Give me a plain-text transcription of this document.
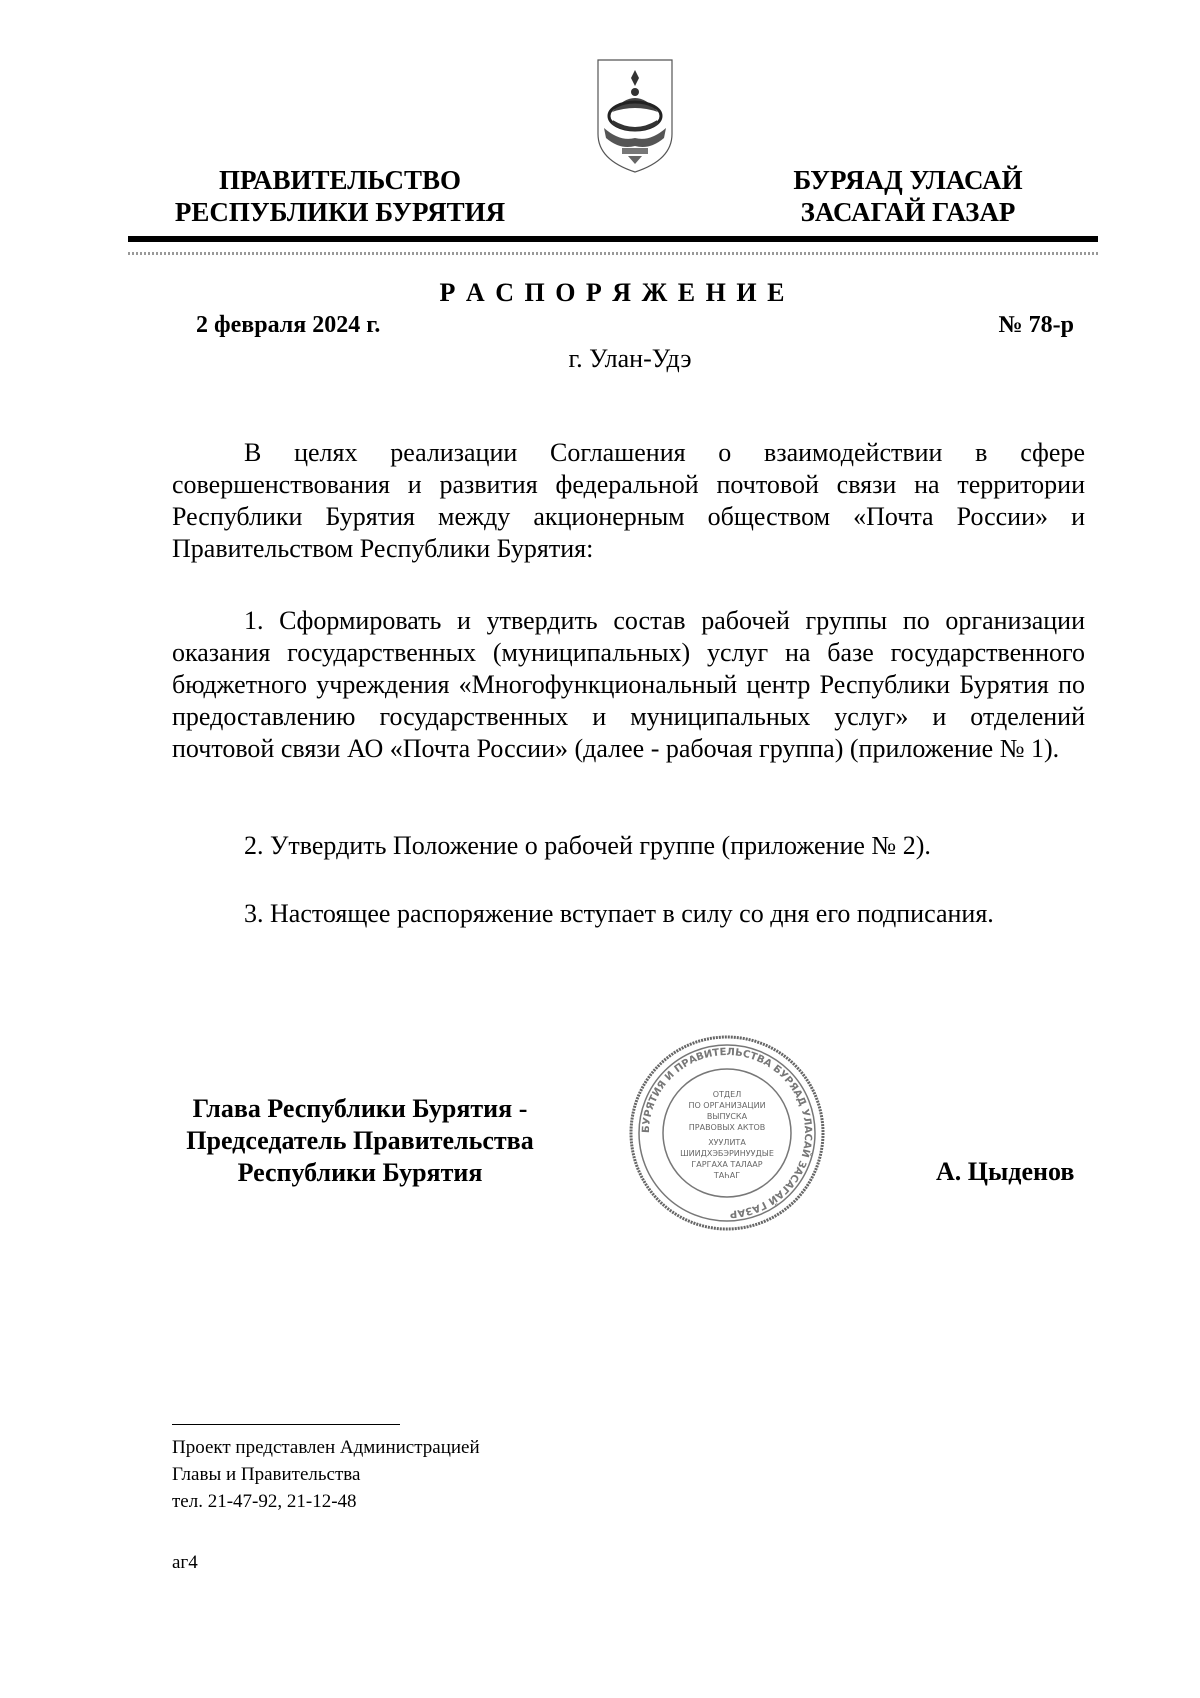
ПРАВИТЕЛЬСТВО
РЕСПУБЛИКИ БУРЯТИЯ
БУРЯАД УЛАСАЙ
ЗАСАГАЙ ГАЗАР
Р А С П О Р Я Ж Е Н И Е
2 февраля 2024 г.	№ 78-р
г. Улан-Удэ

В целях реализации Соглашения о взаимодействии в сфере совершенствования и развития федеральной почтовой связи на территории Республики Бурятия между акционерным обществом «Почта России» и Правительством Республики Бурятия:

1. Сформировать и утвердить состав рабочей группы по организации оказания государственных (муниципальных) услуг на базе государственного бюджетного учреждения «Многофункциональный центр Республики Бурятия по предоставлению государственных и муниципальных услуг» и отделений почтовой связи АО «Почта России» (далее - рабочая группа) (приложение № 1).

2. Утвердить Положение о рабочей группе (приложение № 2).

3. Настоящее распоряжение вступает в силу со дня его подписания.

Глава Республики Бурятия -
Председатель Правительства
Республики Бурятия
БУРЯТИЯ И ПРАВИТЕЛЬСТВА БУРЯАД УЛАСАЙ ЗАСАГАЙ ГАЗАР
ОТДЕЛ
ПО ОРГАНИЗАЦИИ
ВЫПУСКА
ПРАВОВЫХ АКТОВ
ХУУЛИТА
ШИИДХЭБЭРИНУУДЫЕ
ГАРГАХА ТАЛААР
ТАҺАГ	А. Цыденов
Проект представлен Администрацией
Главы и Правительства
тел. 21-47-92, 21-12-48
аг4
